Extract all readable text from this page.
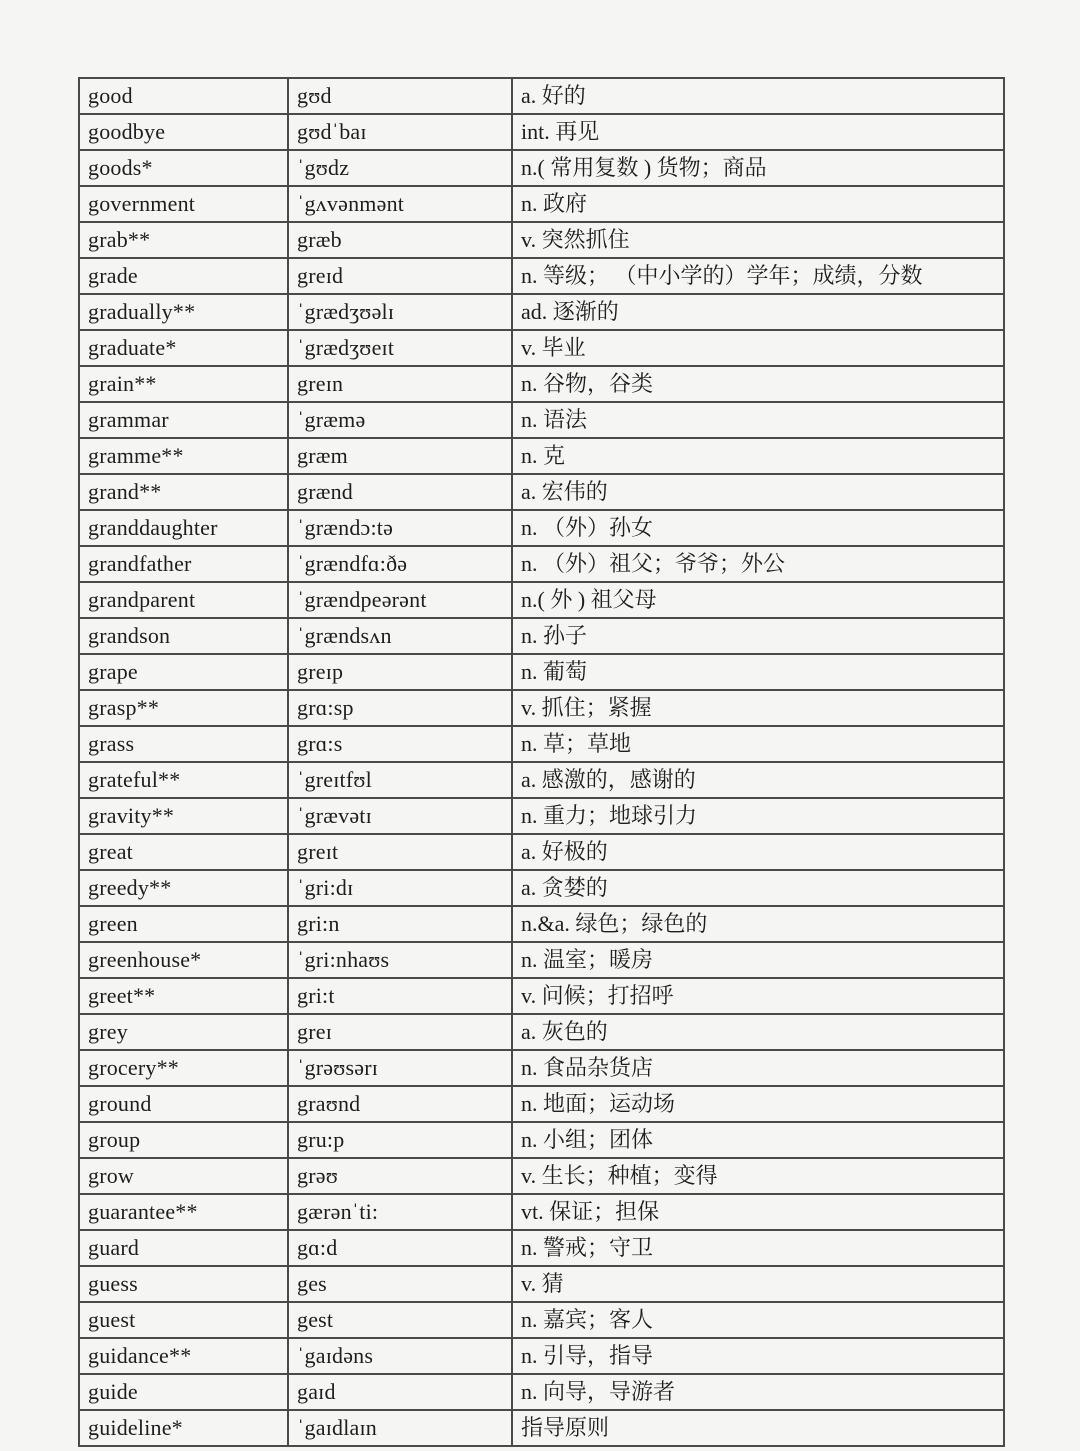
good	gʊd	a. 好的
goodbye	gʊdˈbaɪ	int. 再见
goods*	ˈgʊdz	n.( 常用复数 ) 货物；商品
government	ˈgʌvənmənt	n. 政府
grab**	græb	v. 突然抓住
grade	greɪd	n. 等级； （中小学的）学年；成绩，分数
gradually**	ˈgrædʒʊəlɪ	ad. 逐渐的
graduate*	ˈgrædʒʊeɪt	v. 毕业
grain**	greɪn	n. 谷物，谷类
grammar	ˈgræmə	n. 语法
gramme**	græm	n. 克
grand**	grænd	a. 宏伟的
granddaughter	ˈgrændɔ:tə	n. （外）孙女
grandfather	ˈgrændfɑ:ðə	n. （外）祖父；爷爷；外公
grandparent	ˈgrændpeərənt	n.( 外 ) 祖父母
grandson	ˈgrændsʌn	n. 孙子
grape	greɪp	n. 葡萄
grasp**	grɑ:sp	v. 抓住；紧握
grass	grɑ:s	n. 草；草地
grateful**	ˈgreɪtfʊl	a. 感激的，感谢的
gravity**	ˈgrævətɪ	n. 重力；地球引力
great	greɪt	a. 好极的
greedy**	ˈgri:dɪ	a. 贪婪的
green	gri:n	n.&a. 绿色；绿色的
greenhouse*	ˈgri:nhaʊs	n. 温室；暖房
greet**	gri:t	v. 问候；打招呼
grey	greɪ	a. 灰色的
grocery**	ˈgrəʊsərɪ	n. 食品杂货店
ground	graʊnd	n. 地面；运动场
group	gru:p	n. 小组；团体
grow	grəʊ	v. 生长；种植；变得
guarantee**	gærənˈti:	vt. 保证；担保
guard	gɑ:d	n. 警戒；守卫
guess	ges	v. 猜
guest	gest	n. 嘉宾；客人
guidance**	ˈgaɪdəns	n. 引导，指导
guide	gaɪd	n. 向导，导游者
guideline*	ˈgaɪdlaɪn	指导原则
